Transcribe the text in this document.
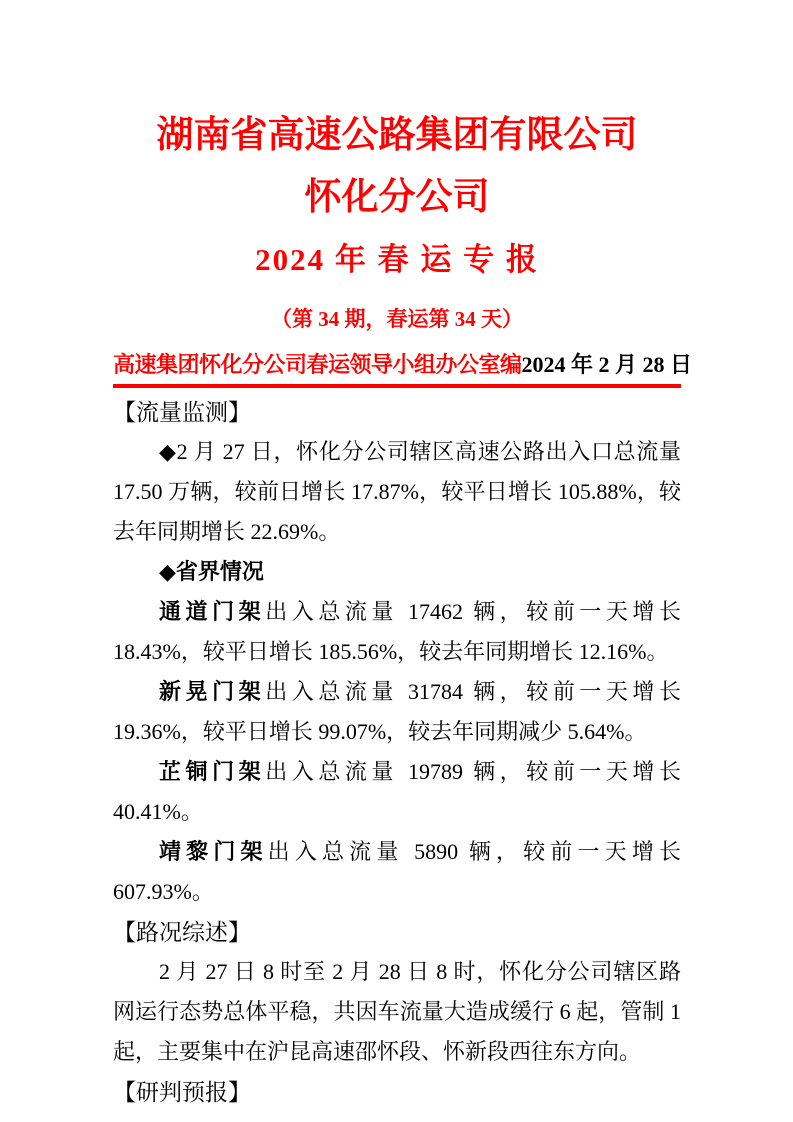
湖南省高速公路集团有限公司
怀化分公司
2024 年 春 运 专 报
（第 34 期，春运第 34 天）
高速集团怀化分公司春运领导小组办公室编 2024 年 2 月 28 日
【流量监测】

◆2 月 27 日，怀化分公司辖区高速公路出入口总流量 17.50 万辆，较前日增长 17.87%，较平日增长 105.88%，较去年同期增长 22.69%。

◆省界情况

通道门架出入总流量 17462 辆，较前一天增长 18.43%，较平日增长 185.56%，较去年同期增长 12.16%。

新晃门架出入总流量 31784 辆，较前一天增长 19.36%，较平日增长 99.07%，较去年同期减少 5.64%。

芷铜门架出入总流量 19789 辆，较前一天增长 40.41%。

靖黎门架出入总流量 5890 辆，较前一天增长 607.93%。

【路况综述】

2 月 27 日 8 时至 2 月 28 日 8 时，怀化分公司辖区路网运行态势总体平稳，共因车流量大造成缓行 6 起，管制 1 起，主要集中在沪昆高速邵怀段、怀新段西往东方向。

【研判预报】
